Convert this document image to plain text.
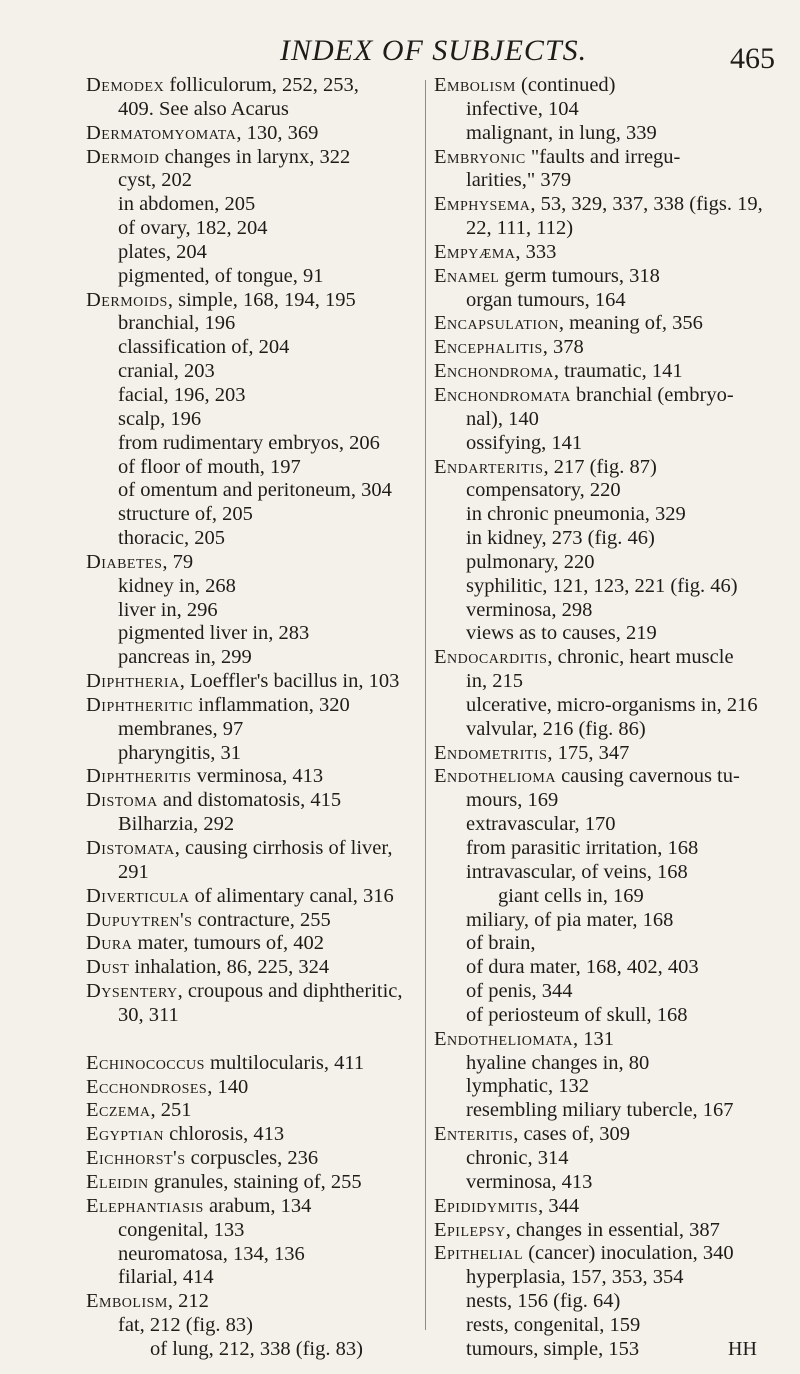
INDEX OF SUBJECTS.	465
Demodex folliculorum, 252, 253,
409. See also Acarus
Dermatomyomata, 130, 369
Dermoid changes in larynx, 322
cyst, 202
in abdomen, 205
of ovary, 182, 204
plates, 204
pigmented, of tongue, 91
Dermoids, simple, 168, 194, 195
branchial, 196
classification of, 204
cranial, 203
facial, 196, 203
scalp, 196
from rudimentary embryos, 206
of floor of mouth, 197
of omentum and peritoneum, 304
structure of, 205
thoracic, 205
Diabetes, 79
kidney in, 268
liver in, 296
pigmented liver in, 283
pancreas in, 299
Diphtheria, Loeffler's bacillus in, 103
Diphtheritic inflammation, 320
membranes, 97
pharyngitis, 31
Diphtheritis verminosa, 413
Distoma and distomatosis, 415
Bilharzia, 292
Distomata, causing cirrhosis of liver,
291
Diverticula of alimentary canal, 316
Dupuytren's contracture, 255
Dura mater, tumours of, 402
Dust inhalation, 86, 225, 324
Dysentery, croupous and diphtheritic,
30, 311
Echinococcus multilocularis, 411
Ecchondroses, 140
Eczema, 251
Egyptian chlorosis, 413
Eichhorst's corpuscles, 236
Eleidin granules, staining of, 255
Elephantiasis arabum, 134
congenital, 133
neuromatosa, 134, 136
filarial, 414
Embolism, 212
fat, 212 (fig. 83)
of lung, 212, 338 (fig. 83)
Embolism (continued)
infective, 104
malignant, in lung, 339
Embryonic "faults and irregu-
larities," 379
Emphysema, 53, 329, 337, 338 (figs. 19,
22, 111, 112)
Empyæma, 333
Enamel germ tumours, 318
organ tumours, 164
Encapsulation, meaning of, 356
Encephalitis, 378
Enchondroma, traumatic, 141
Enchondromata branchial (embryo-
nal), 140
ossifying, 141
Endarteritis, 217 (fig. 87)
compensatory, 220
in chronic pneumonia, 329
in kidney, 273 (fig. 46)
pulmonary, 220
syphilitic, 121, 123, 221 (fig. 46)
verminosa, 298
views as to causes, 219
Endocarditis, chronic, heart muscle
in, 215
ulcerative, micro-organisms in, 216
valvular, 216 (fig. 86)
Endometritis, 175, 347
Endothelioma causing cavernous tu-
mours, 169
extravascular, 170
from parasitic irritation, 168
intravascular, of veins, 168
giant cells in, 169
miliary, of pia mater, 168
of brain,
of dura mater, 168, 402, 403
of penis, 344
of periosteum of skull, 168
Endotheliomata, 131
hyaline changes in, 80
lymphatic, 132
resembling miliary tubercle, 167
Enteritis, cases of, 309
chronic, 314
verminosa, 413
Epididymitis, 344
Epilepsy, changes in essential, 387
Epithelial (cancer) inoculation, 340
hyperplasia, 157, 353, 354
nests, 156 (fig. 64)
rests, congenital, 159
tumours, simple, 153	HH
